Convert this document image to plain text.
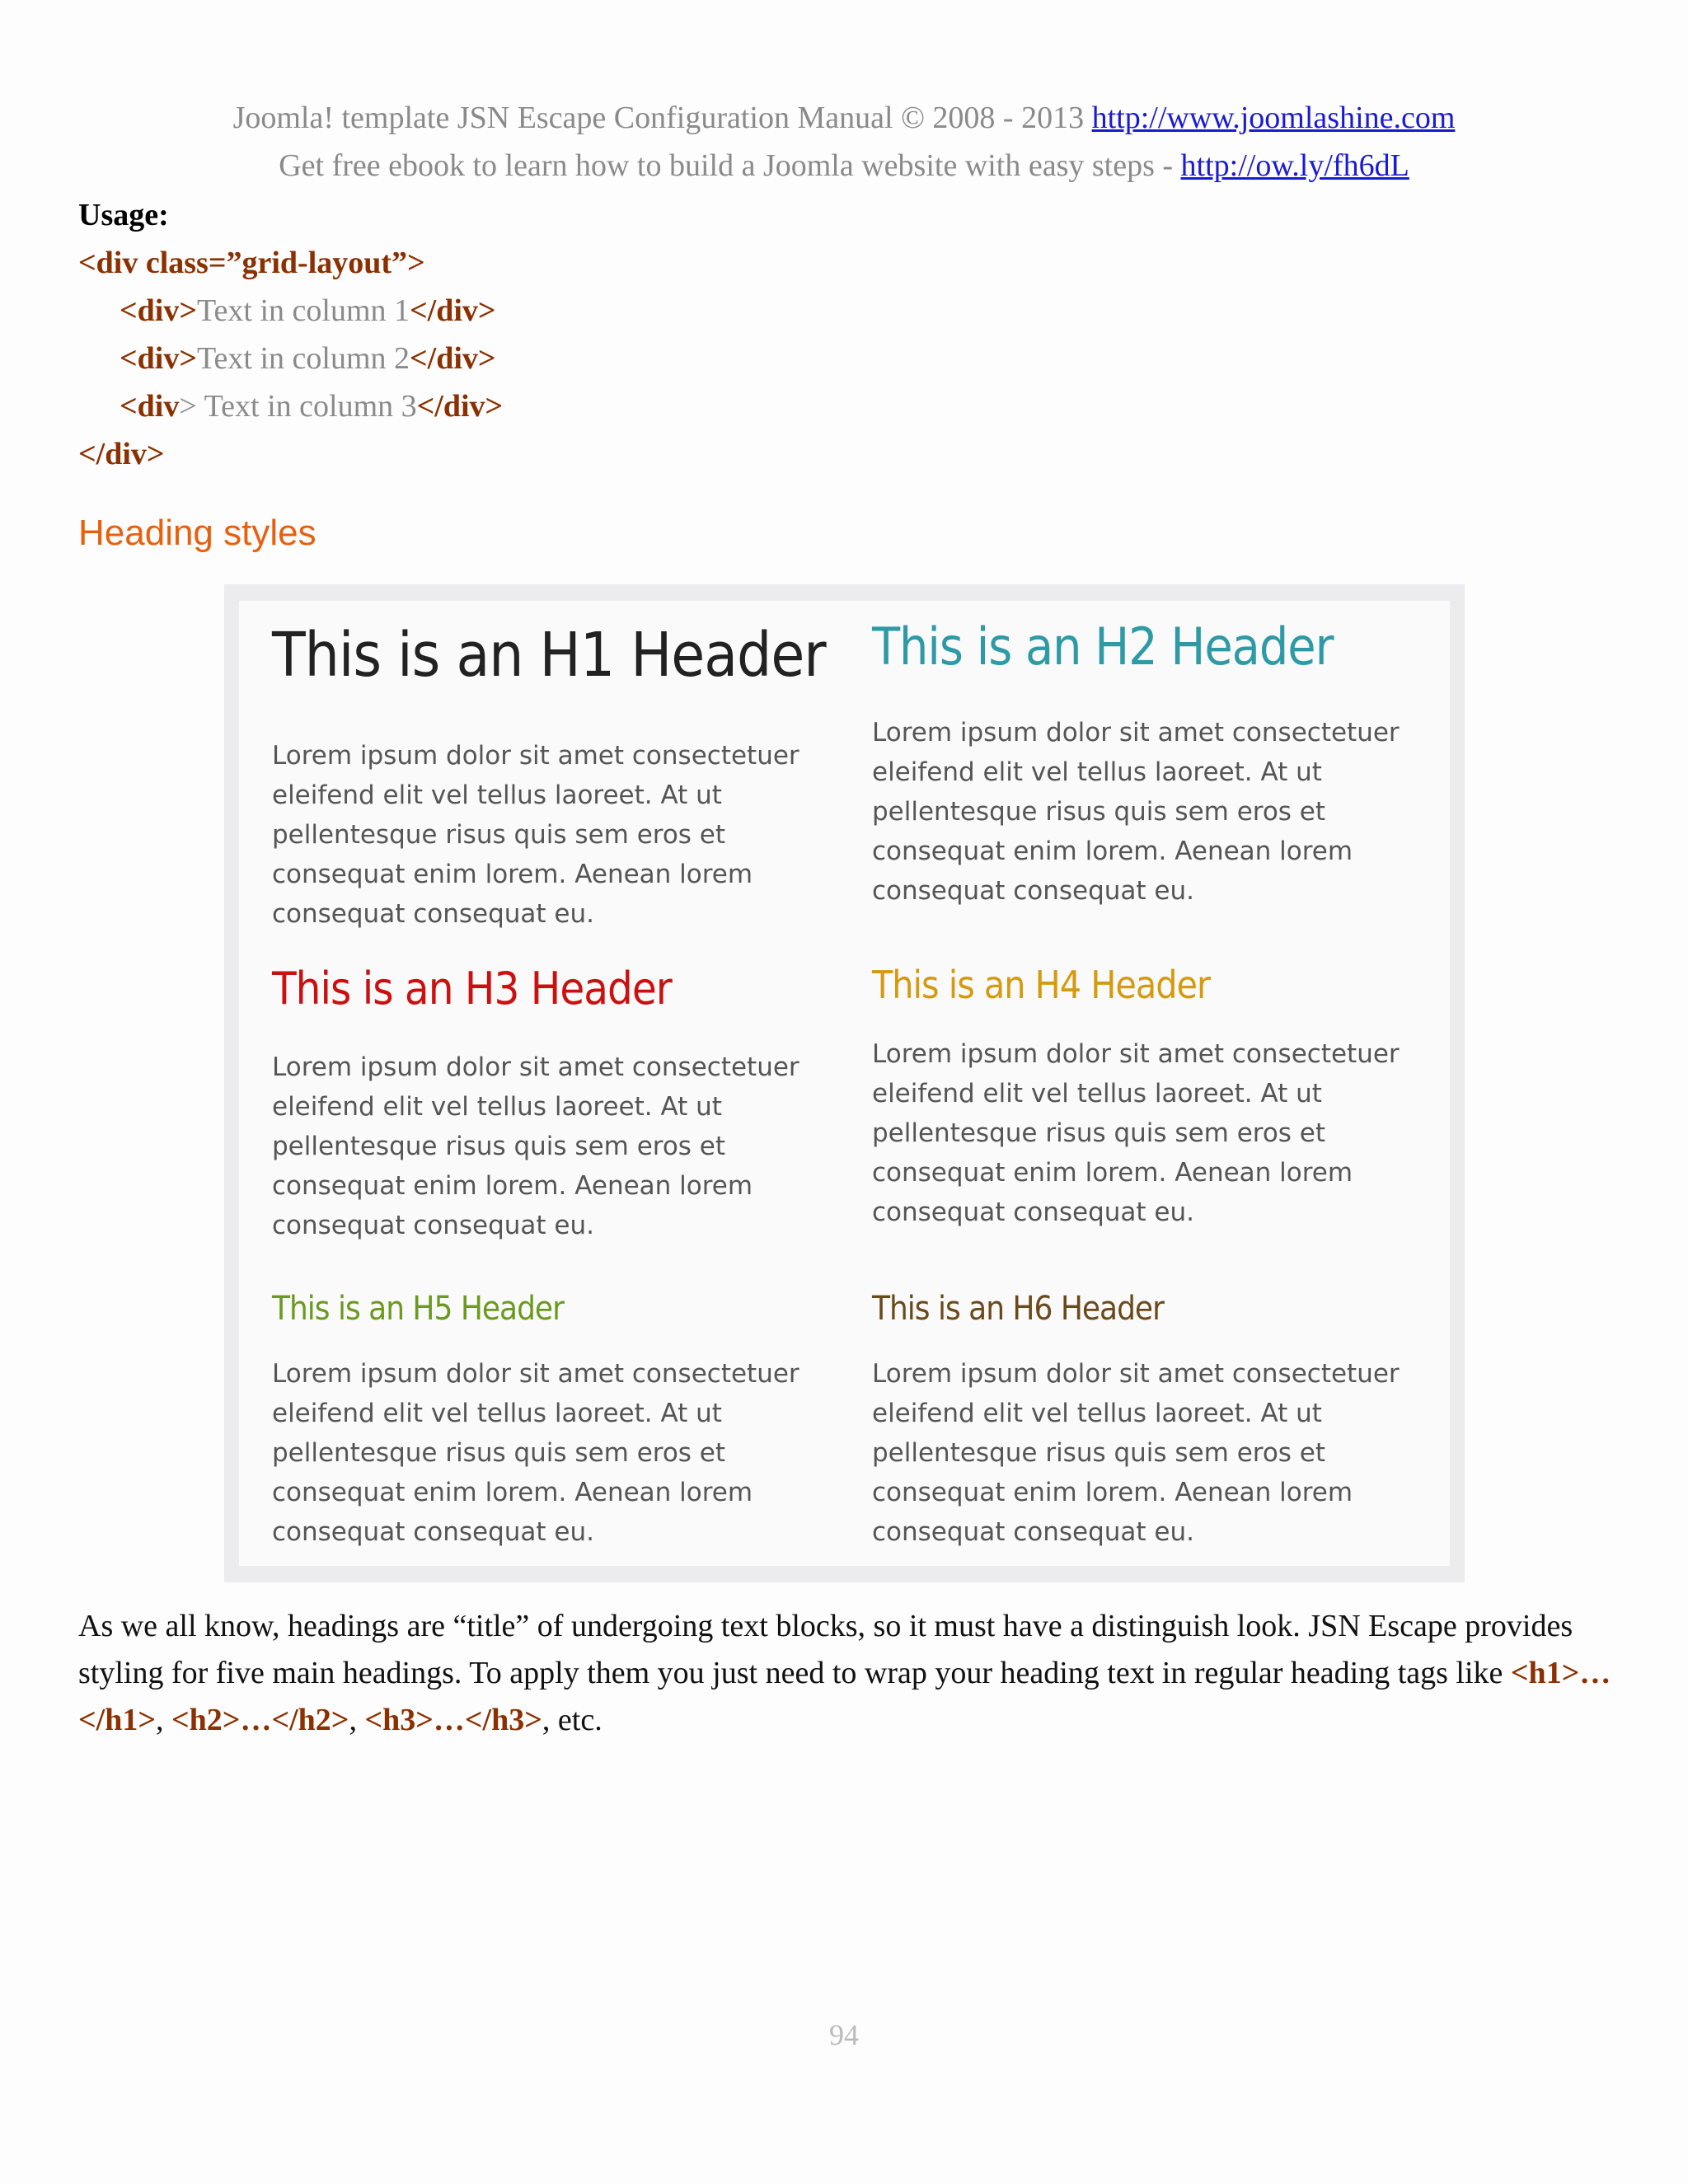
Joomla! template JSN Escape Configuration Manual © 2008 - 2013 http://www.joomlashine.com
Get free ebook to learn how to build a Joomla website with easy steps - http://ow.ly/fh6dL
Usage:
<div class=”grid-layout”>
<div>Text in column 1</div>
<div>Text in column 2</div>
<div> Text in column 3</div>
</div>
Heading styles
This is an H1 Header
Lorem ipsum dolor sit amet consectetuer eleifend elit vel tellus laoreet. At ut pellentesque risus quis sem eros et consequat enim lorem. Aenean lorem consequat consequat eu.
This is an H2 Header
Lorem ipsum dolor sit amet consectetuer eleifend elit vel tellus laoreet. At ut pellentesque risus quis sem eros et consequat enim lorem. Aenean lorem consequat consequat eu.
This is an H3 Header
Lorem ipsum dolor sit amet consectetuer eleifend elit vel tellus laoreet. At ut pellentesque risus quis sem eros et consequat enim lorem. Aenean lorem consequat consequat eu.
This is an H4 Header
Lorem ipsum dolor sit amet consectetuer eleifend elit vel tellus laoreet. At ut pellentesque risus quis sem eros et consequat enim lorem. Aenean lorem consequat consequat eu.
This is an H5 Header
Lorem ipsum dolor sit amet consectetuer eleifend elit vel tellus laoreet. At ut pellentesque risus quis sem eros et consequat enim lorem. Aenean lorem consequat consequat eu.
This is an H6 Header
Lorem ipsum dolor sit amet consectetuer eleifend elit vel tellus laoreet. At ut pellentesque risus quis sem eros et consequat enim lorem. Aenean lorem consequat consequat eu.
As we all know, headings are “title” of undergoing text blocks, so it must have a distinguish look. JSN Escape provides styling for five main headings. To apply them you just need to wrap your heading text in regular heading tags like <h1>…</h1>, <h2>…</h2>, <h3>…</h3>, etc.
94
